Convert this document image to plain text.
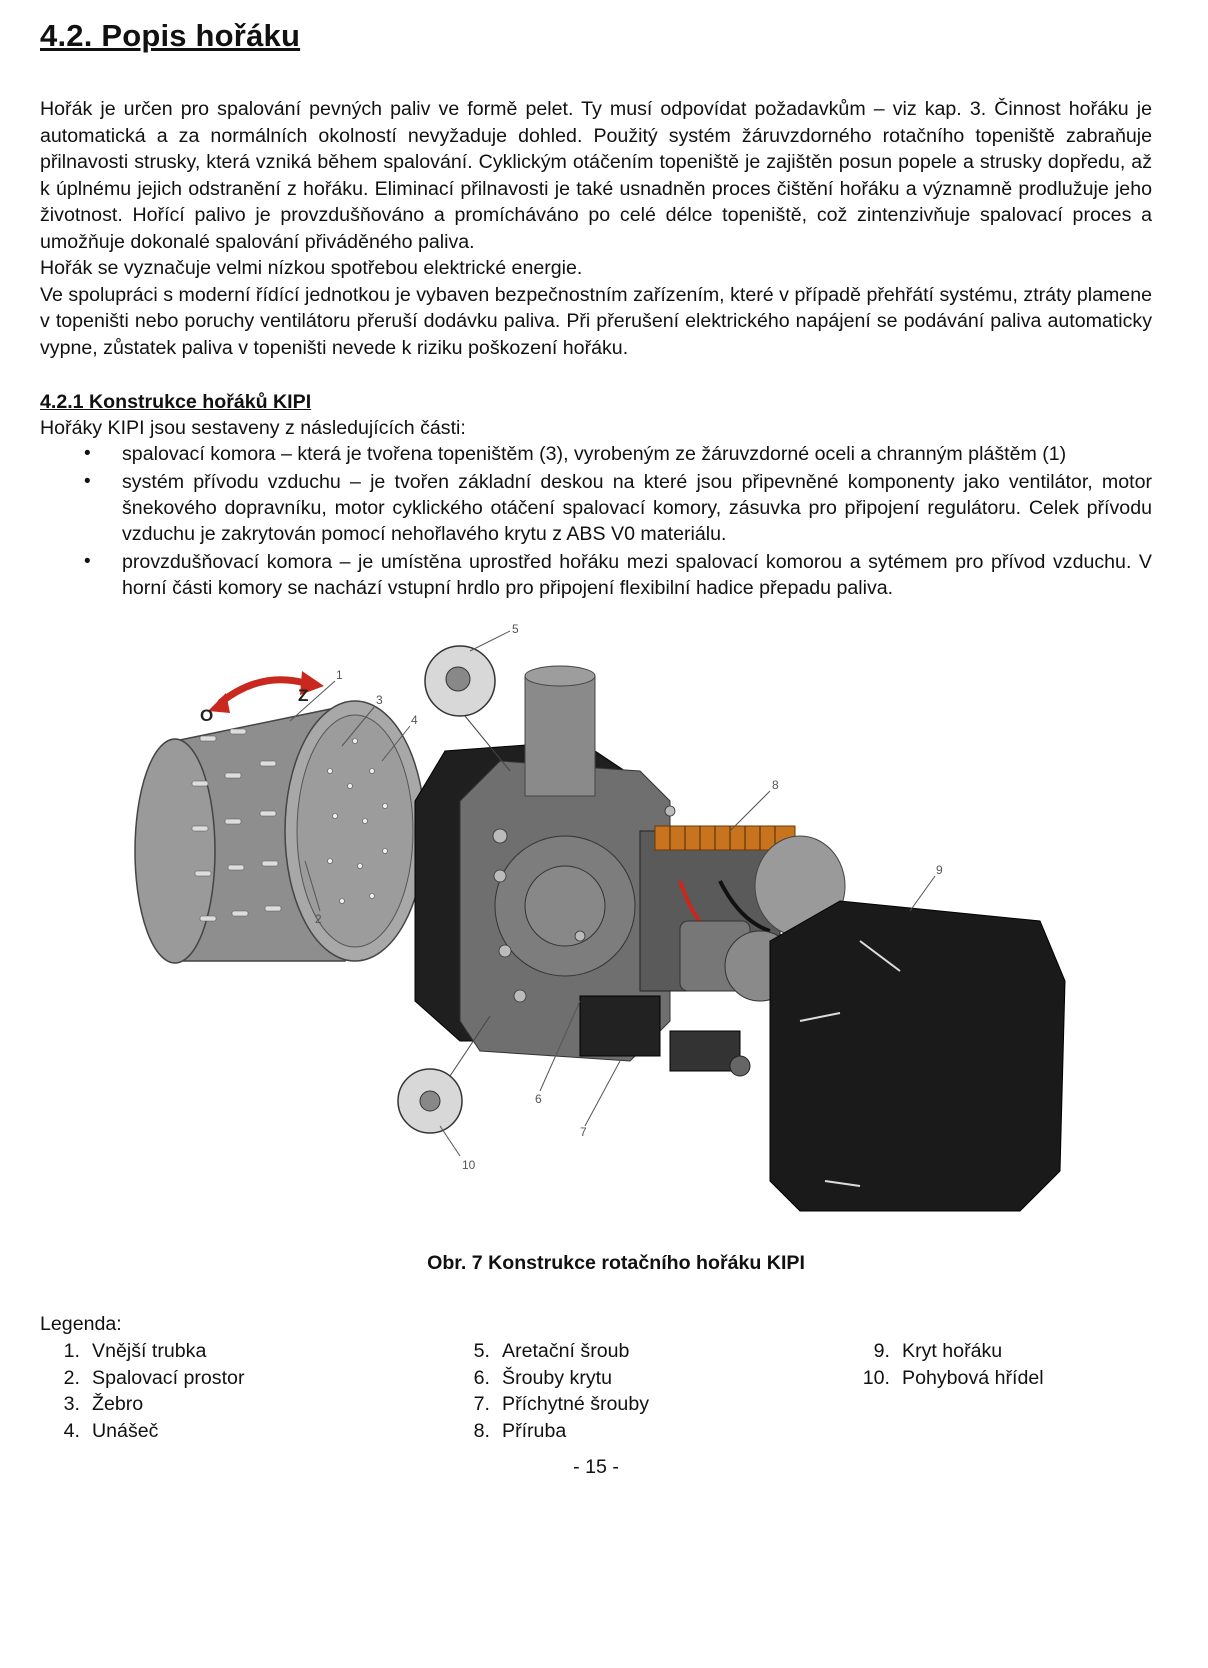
4.2. Popis hořáku

Hořák je určen pro spalování pevných paliv ve formě pelet. Ty musí odpovídat požadavkům – viz kap. 3. Činnost hořáku je automatická a za normálních okolností nevyžaduje dohled. Použitý systém žáruvzdorného rotačního topeniště zabraňuje přilnavosti strusky, která vzniká během spalování. Cyklickým otáčením topeniště je zajištěn posun popele a strusky dopředu, až k úplnému jejich odstranění z hořáku. Eliminací přilnavosti je také usnadněn proces čištění hořáku a významně prodlužuje jeho životnost. Hořící palivo je provzdušňováno a promícháváno po celé délce topeniště, což zintenzivňuje spalovací proces a umožňuje dokonalé spalování přiváděného paliva.

Hořák se vyznačuje velmi nízkou spotřebou elektrické energie.

Ve spolupráci s moderní řídící jednotkou je vybaven bezpečnostním zařízením, které v případě přehřátí systému, ztráty plamene v topeništi nebo poruchy ventilátoru přeruší dodávku paliva. Při přerušení elektrického napájení se podávání paliva automaticky vypne, zůstatek paliva v topeništi nevede k riziku poškození hořáku.

4.2.1 Konstrukce hořáků KIPI

Hořáky KIPI jsou sestaveny z následujících části:

• spalovací komora – která je tvořena topeništěm (3), vyrobeným ze žáruvzdorné oceli a chranným pláštěm (1)
• systém přívodu vzduchu – je tvořen základní deskou na které jsou připevněné komponenty jako ventilátor, motor šnekového dopravníku, motor cyklického otáčení spalovací komory, zásuvka pro připojení regulátoru. Celek přívodu vzduchu je zakrytován pomocí nehořlavého krytu z ABS V0 materiálu.
• provzdušňovací komora – je umístěna uprostřed hořáku mezi spalovací komorou a sytémem pro přívod vzduchu. V horní části komory se nachází vstupní hrdlo pro připojení flexibilní hadice přepadu paliva.
O
Z
1
2
3
4
5
6
7
8
9
10
Obr. 7 Konstrukce rotačního hořáku KIPI
Legenda:
1. Vnější trubka
2. Spalovací prostor
3. Žebro
4. Unášeč
5. Aretační šroub
6. Šrouby krytu
7. Příchytné šrouby
8. Příruba
9. Kryt hořáku
10. Pohybová hřídel
- 15 -
